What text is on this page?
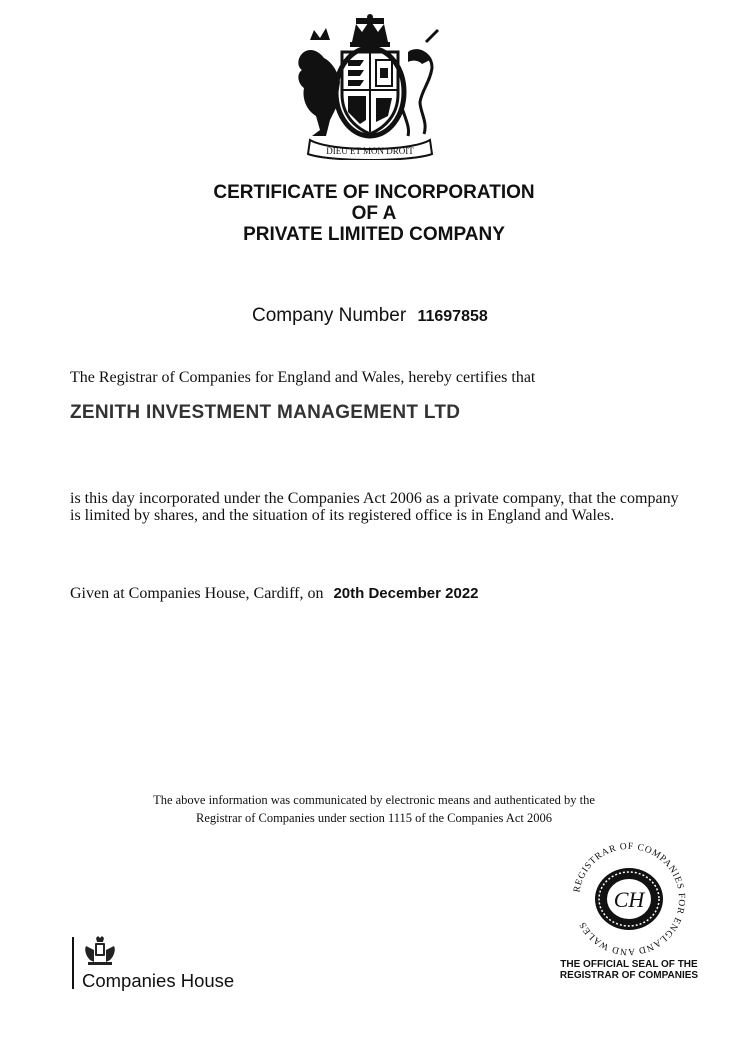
DIEU ET MON DROIT
CERTIFICATE OF INCORPORATION
OF A
PRIVATE LIMITED COMPANY
Company Number 11697858
The Registrar of Companies for England and Wales, hereby certifies that
ZENITH INVESTMENT MANAGEMENT LTD
is this day incorporated under the Companies Act 2006 as a private company, that the company is limited by shares, and the situation of its registered office is in England and Wales.
Given at Companies House, Cardiff, on 20th December 2022
The above information was communicated by electronic means and authenticated by the
Registrar of Companies under section 1115 of the Companies Act 2006
REGISTRAR OF COMPANIES FOR ENGLAND AND WALES
CH
THE OFFICIAL SEAL OF THE
REGISTRAR OF COMPANIES
Companies House
